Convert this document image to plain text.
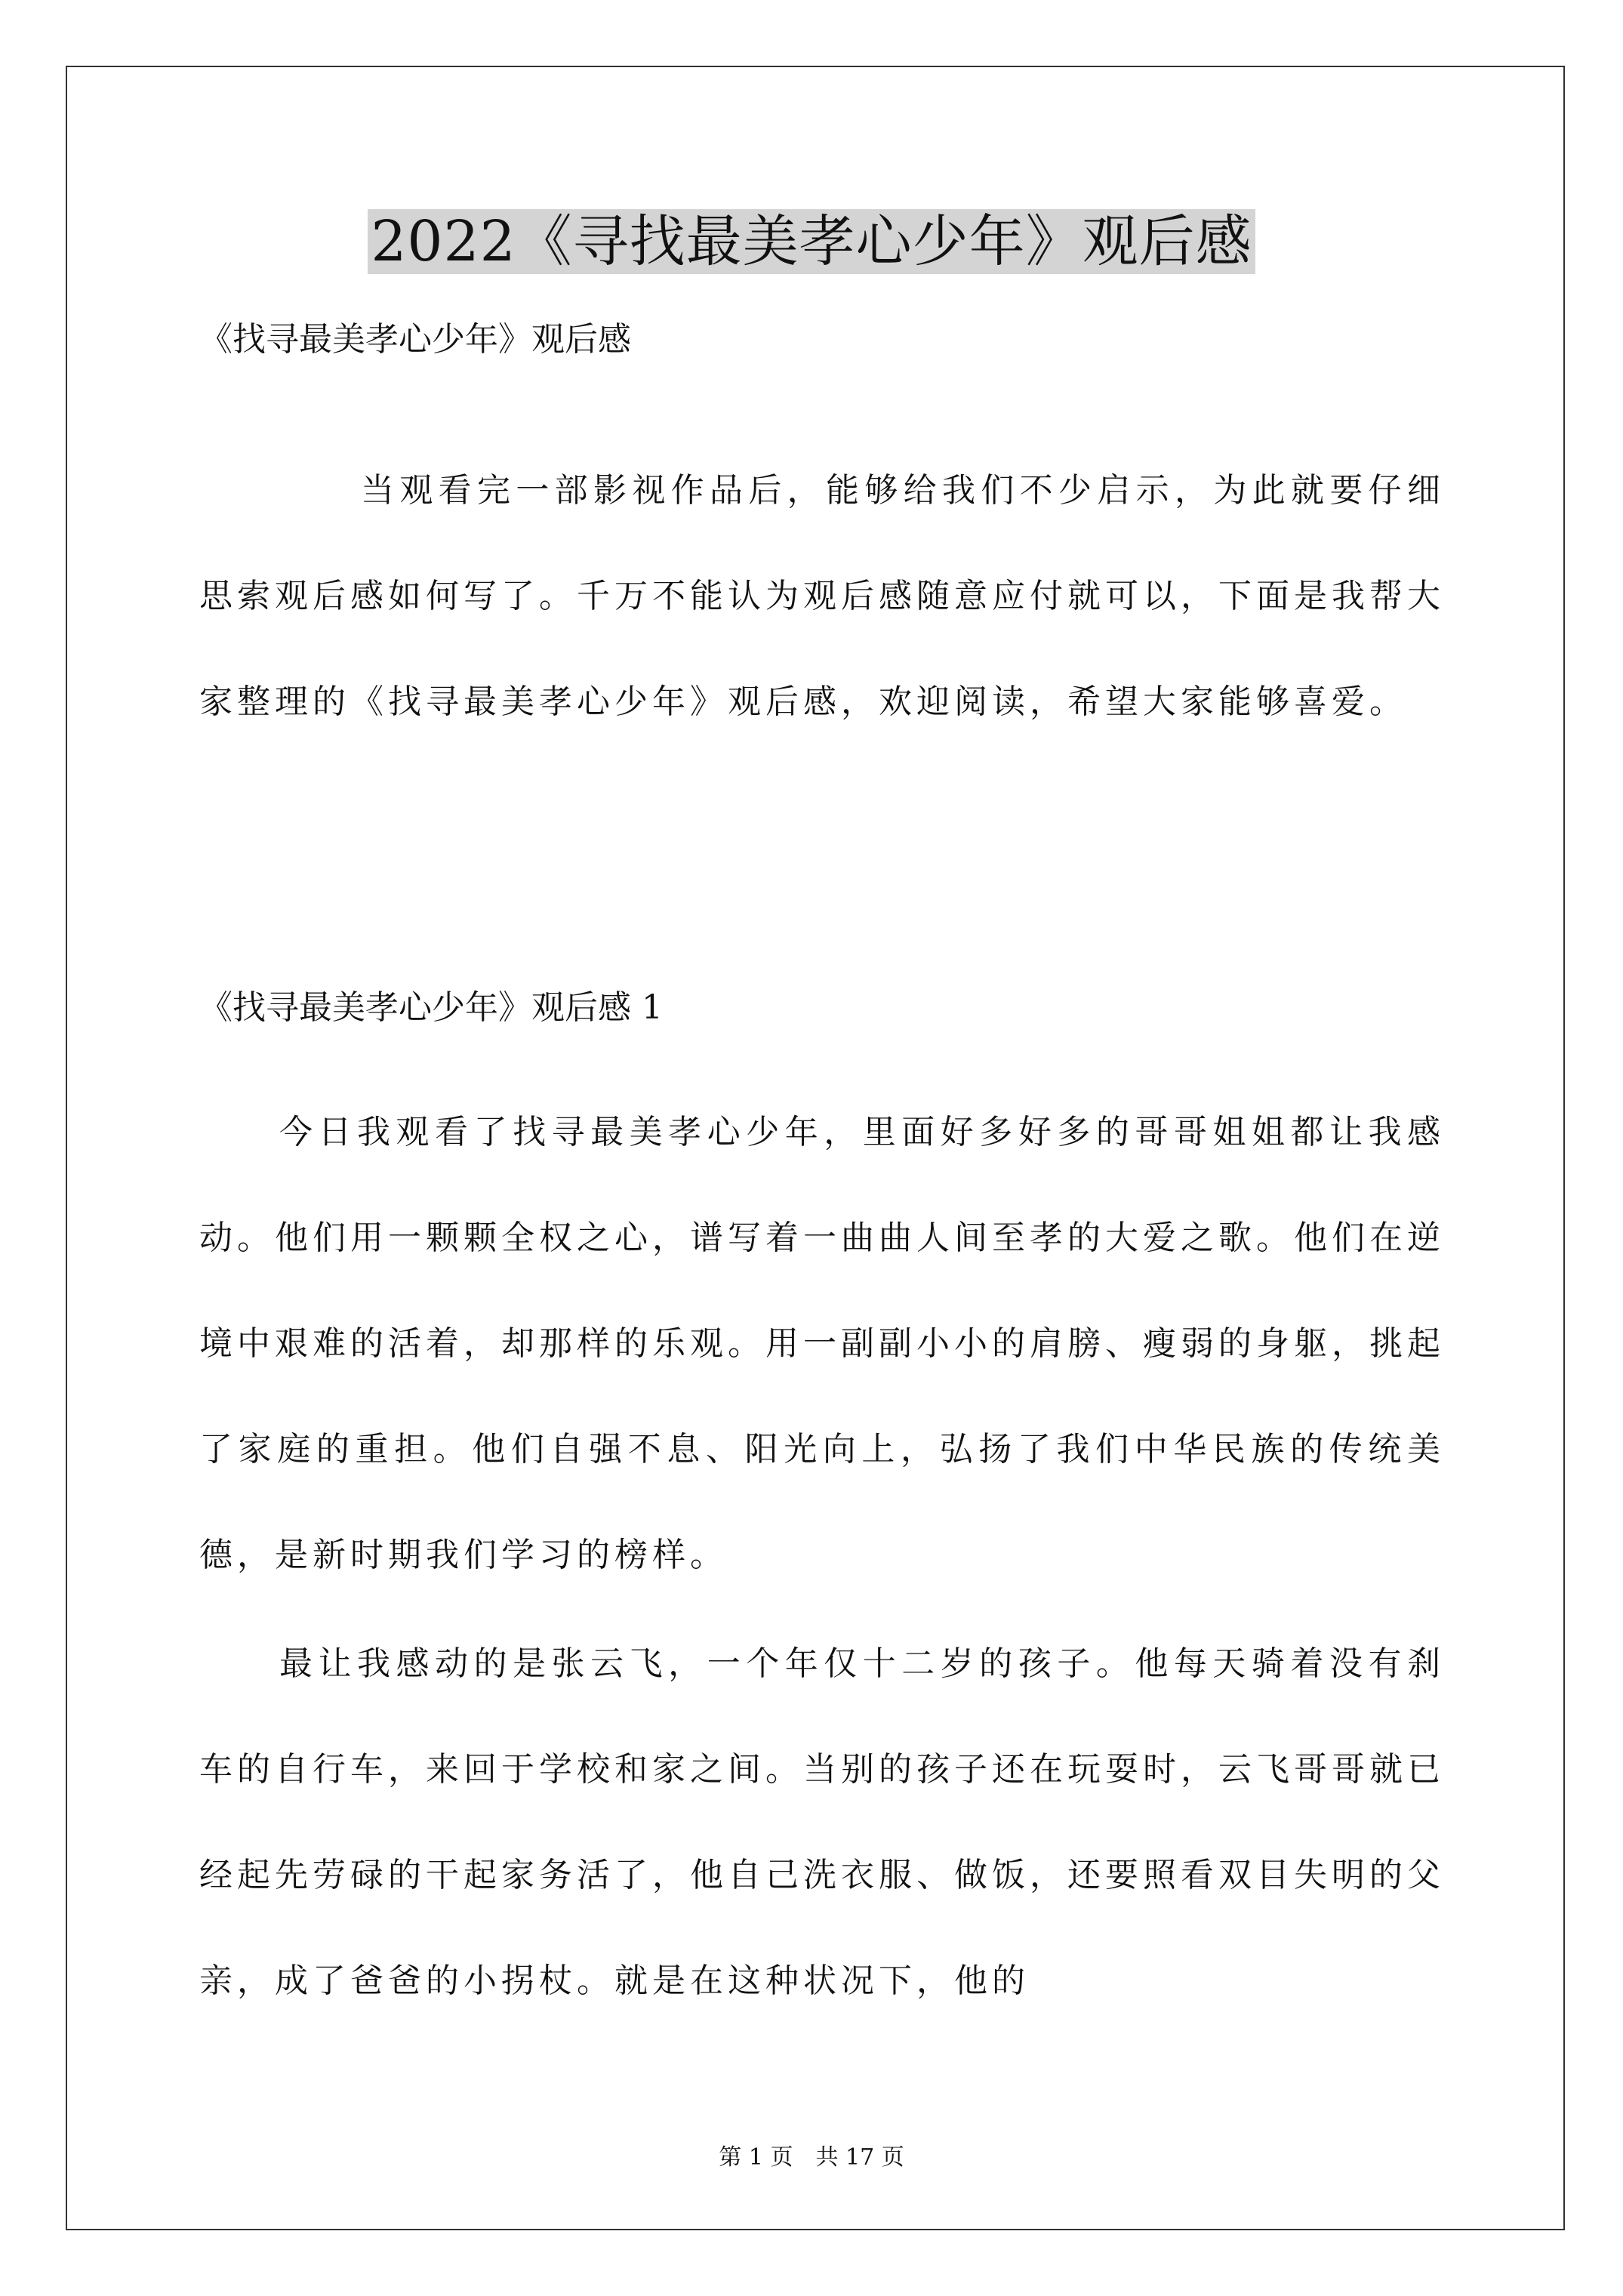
2022《寻找最美孝心少年》观后感
《找寻最美孝心少年》观后感

当观看完一部影视作品后，能够给我们不少启示，为此就要仔细思索观后感如何写了。千万不能认为观后感随意应付就可以，下面是我帮大家整理的《找寻最美孝心少年》观后感，欢迎阅读，希望大家能够喜爱。

《找寻最美孝心少年》观后感 1

今日我观看了找寻最美孝心少年，里面好多好多的哥哥姐姐都让我感动。他们用一颗颗全权之心，谱写着一曲曲人间至孝的大爱之歌。他们在逆境中艰难的活着，却那样的乐观。用一副副小小的肩膀、瘦弱的身躯，挑起了家庭的重担。他们自强不息、阳光向上，弘扬了我们中华民族的传统美德，是新时期我们学习的榜样。

最让我感动的是张云飞，一个年仅十二岁的孩子。他每天骑着没有刹车的自行车，来回于学校和家之间。当别的孩子还在玩耍时，云飞哥哥就已经起先劳碌的干起家务活了，他自己洗衣服、做饭，还要照看双目失明的父亲，成了爸爸的小拐杖。就是在这种状况下，他的

第 1 页　共 17 页
